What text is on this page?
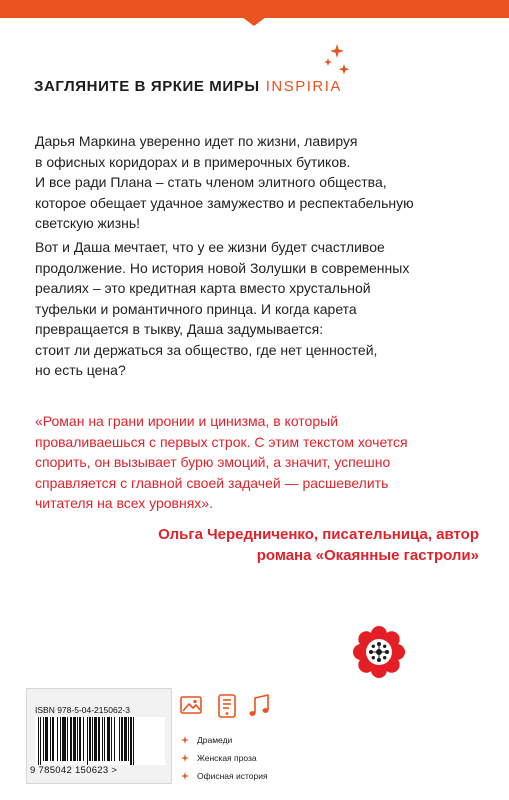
ЗАГЛЯНИТЕ В ЯРКИЕ МИРЫ INSPIRIA

Дарья Маркина уверенно идет по жизни, лавируя
в офисных коридорах и в примерочных бутиков.
И все ради Плана – стать членом элитного общества,
которое обещает удачное замужество и респектабельную
светскую жизнь!

Вот и Даша мечтает, что у ее жизни будет счастливое
продолжение. Но история новой Золушки в современных
реалиях – это кредитная карта вместо хрустальной
туфельки и романтичного принца. И когда карета
превращается в тыкву, Даша задумывается:
стоит ли держаться за общество, где нет ценностей,
но есть цена?

«Роман на грани иронии и цинизма, в который
проваливаешься с первых строк. С этим текстом хочется
спорить, он вызывает бурю эмоций, а значит, успешно
справляется с главной своей задачей — расшевелить
читателя на всех уровнях».

Ольга Чередниченко, писательница, автор
романа «Окаянные гастроли»
ISBN 978-5-04-215062-3
9 785042 150623 >
Драмеди
Женская проза
Офисная история
